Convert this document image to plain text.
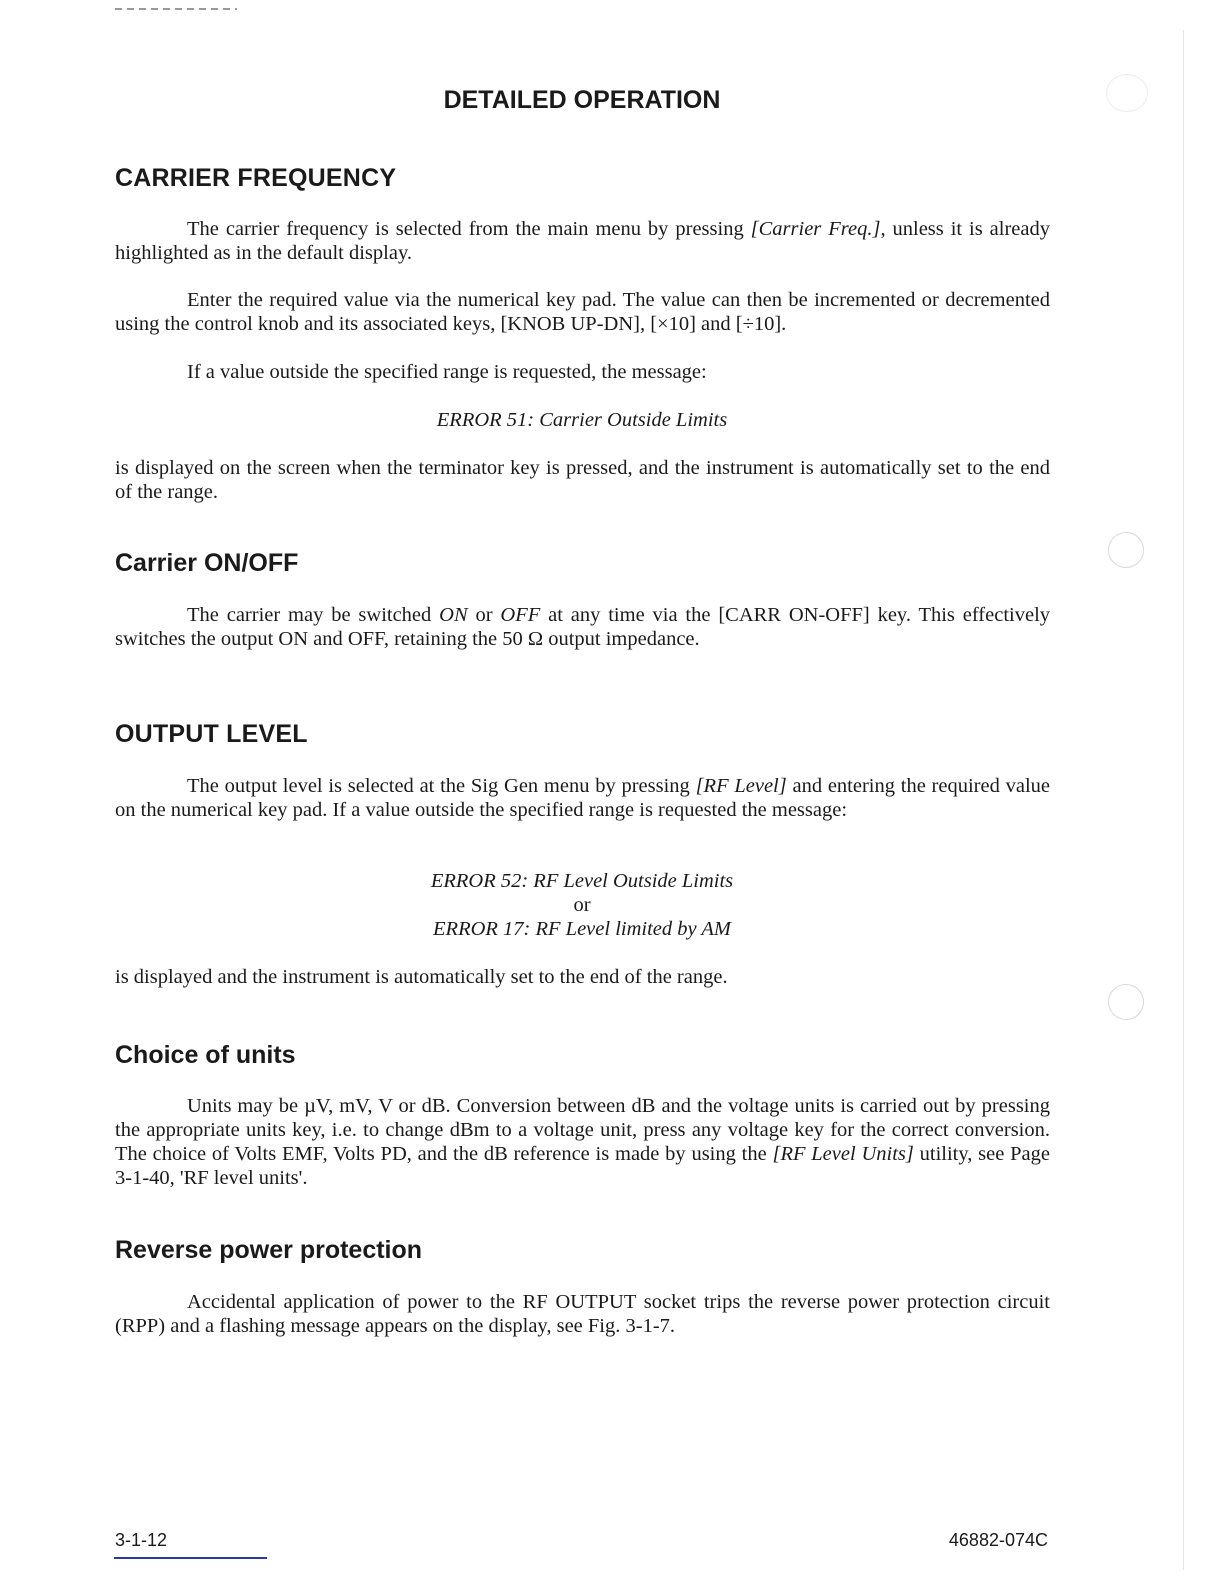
DETAILED OPERATION
CARRIER FREQUENCY

The carrier frequency is selected from the main menu by pressing [Carrier Freq.], unless it is already highlighted as in the default display.

Enter the required value via the numerical key pad. The value can then be incremented or decremented using the control knob and its associated keys, [KNOB UP-DN], [×10] and [÷10].

If a value outside the specified range is requested, the message:

ERROR 51: Carrier Outside Limits

is displayed on the screen when the terminator key is pressed, and the instrument is automatically set to the end of the range.

Carrier ON/OFF

The carrier may be switched ON or OFF at any time via the [CARR ON-OFF] key. This effectively switches the output ON and OFF, retaining the 50 Ω output impedance.

OUTPUT LEVEL

The output level is selected at the Sig Gen menu by pressing [RF Level] and entering the required value on the numerical key pad. If a value outside the specified range is requested the message:

ERROR 52: RF Level Outside Limits

or

ERROR 17: RF Level limited by AM

is displayed and the instrument is automatically set to the end of the range.

Choice of units

Units may be µV, mV, V or dB. Conversion between dB and the voltage units is carried out by pressing the appropriate units key, i.e. to change dBm to a voltage unit, press any voltage key for the correct conversion. The choice of Volts EMF, Volts PD, and the dB reference is made by using the [RF Level Units] utility, see Page 3-1-40, 'RF level units'.

Reverse power protection

Accidental application of power to the RF OUTPUT socket trips the reverse power protection circuit (RPP) and a flashing message appears on the display, see Fig. 3-1-7.

3-1-12	46882-074C
